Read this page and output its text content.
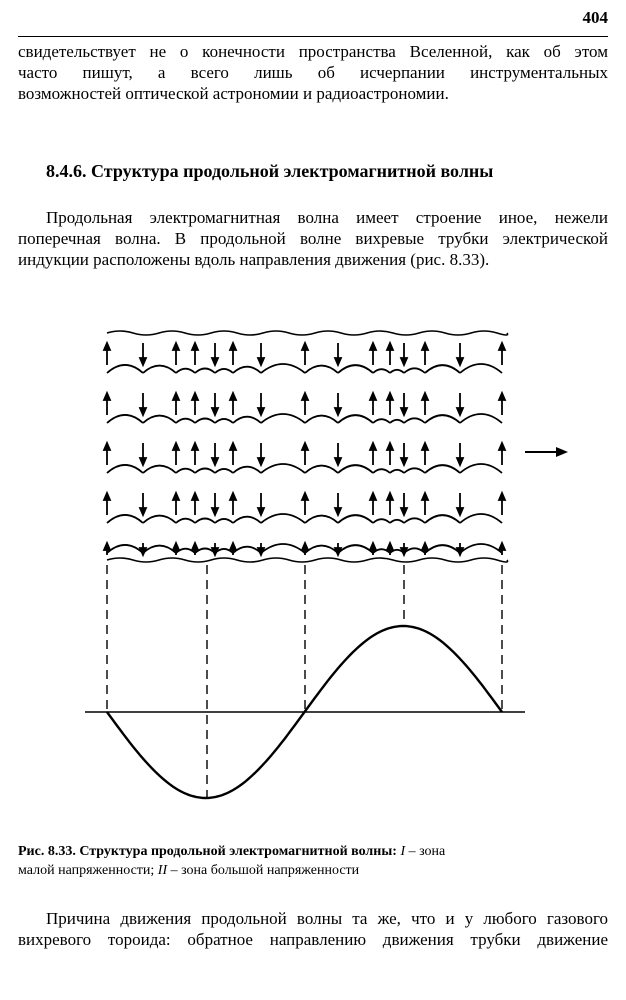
404

свидетельствует не о конечности пространства Вселенной, как об этом
часто пишут, а всего лишь об исчерпании инструментальных
возможностей оптической астрономии и радиоастрономии.

8.4.6. Структура продольной электромагнитной волны

Продольная электромагнитная волна имеет строение иное, нежели
поперечная волна. В продольной волне вихревые трубки электрической
индукции расположены вдоль направления движения (рис. 8.33).

Рис. 8.33. Структура продольной электромагнитной волны: I – зона
малой напряженности; II – зона большой напряженности

Причина движения продольной волны та же, что и у любого газового
вихревого тороида: обратное направлению движения трубки движение
